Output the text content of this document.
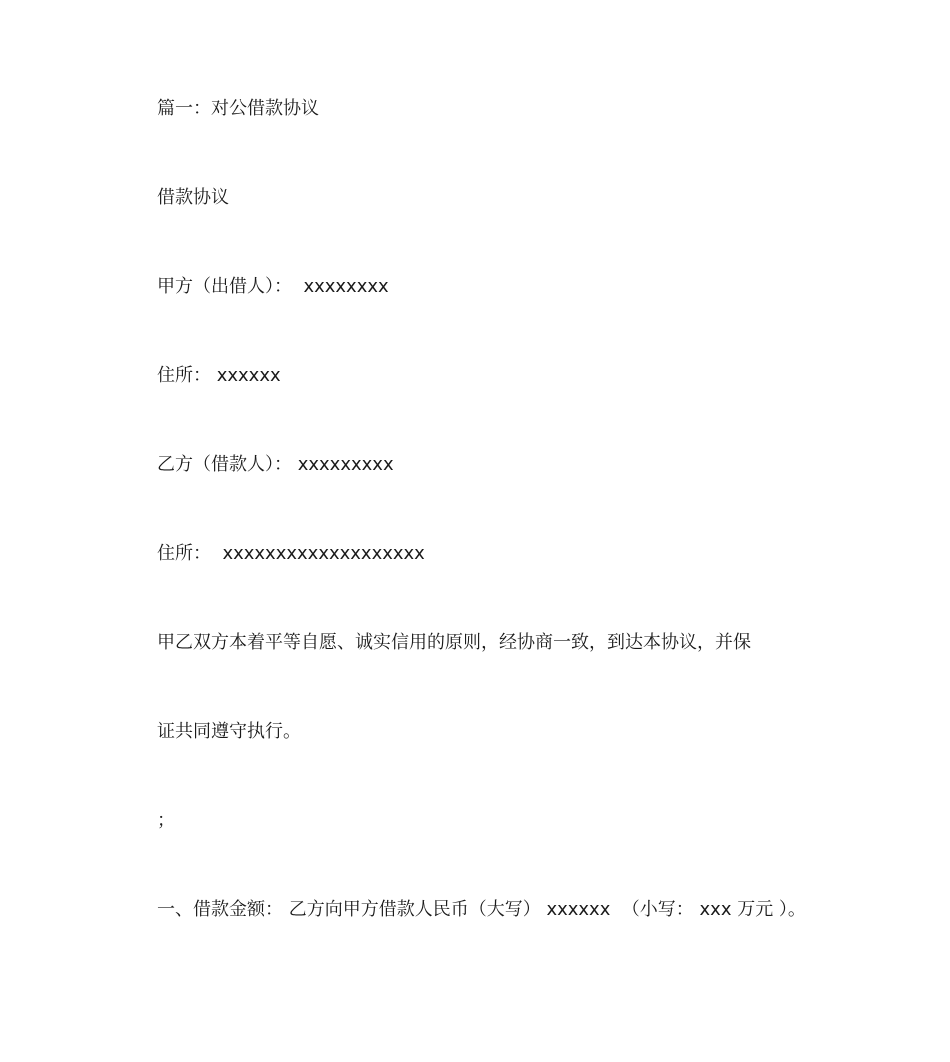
篇一：对公借款协议
借款协议
甲方（出借人）：  xxxxxxxx
住所： xxxxxx
乙方（借款人）： xxxxxxxxx
住所：  xxxxxxxxxxxxxxxxxxx
甲乙双方本着平等自愿、诚实信用的原则，经协商一致，到达本协议，并保
证共同遵守执行。
；
一、借款金额： 乙方向甲方借款人民币（大写） xxxxxx  （小写： xxx 万元 ）。
